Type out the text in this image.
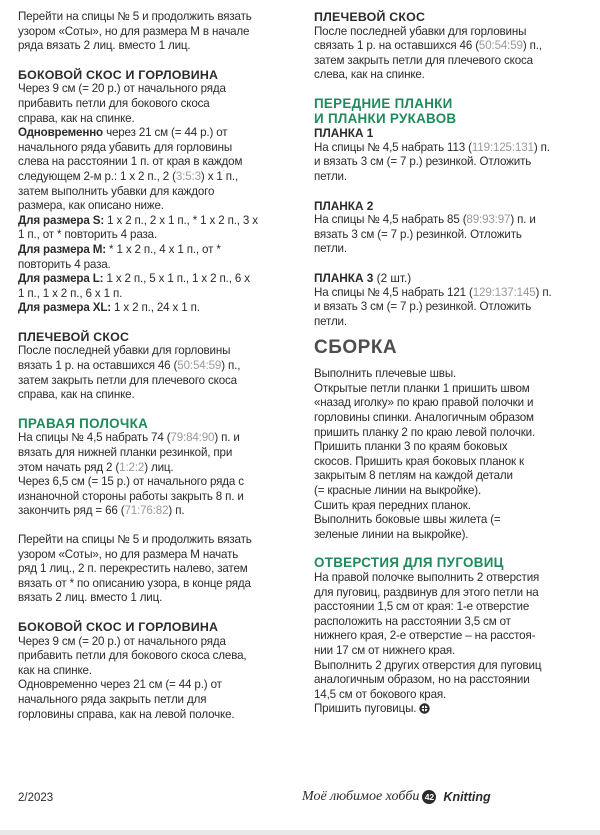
Перейти на спицы № 5 и продолжить вязать

узором «Соты», но для размера M в начале

ряда вязать 2 лиц. вместо 1 лиц.

БОКОВОЙ СКОС И ГОРЛОВИНА

Через 9 см (= 20 р.) от начального ряда

прибавить петли для бокового скоса

справа, как на спинке.

Одновременно через 21 см (= 44 р.) от

начального ряда убавить для горловины

слева на расстоянии 1 п. от края в каждом

следующем 2-м р.: 1 x 2 п., 2 (3:5:3) x 1 п.,

затем выполнить убавки для каждого

размера, как описано ниже.

Для размера S: 1 x 2 п., 2 x 1 п., * 1 x 2 п., 3 x

1 п., от * повторить 4 раза.

Для размера M: * 1 x 2 п., 4 x 1 п., от *

повторить 4 раза.

Для размера L: 1 x 2 п., 5 x 1 п., 1 x 2 п., 6 x

1 п., 1 x 2 п., 6 x 1 п.

Для размера XL: 1 x 2 п., 24 x 1 п.

ПЛЕЧЕВОЙ СКОС

После последней убавки для горловины

вязать 1 р. на оставшихся 46 (50:54:59) п.,

затем закрыть петли для плечевого скоса

справа, как на спинке.

ПРАВАЯ ПОЛОЧКА

На спицы № 4,5 набрать 74 (79:84:90) п. и

вязать для нижней планки резинкой, при

этом начать ряд 2 (1:2:2) лиц.

Через 6,5 см (= 15 р.) от начального ряда с

изнаночной стороны работы закрыть 8 п. и

закончить ряд = 66 (71:76:82) п.

Перейти на спицы № 5 и продолжить вязать

узором «Соты», но для размера M начать

ряд 1 лиц., 2 п. перекрестить налево, затем

вязать от * по описанию узора, в конце ряда

вязать 2 лиц. вместо 1 лиц.

БОКОВОЙ СКОС И ГОРЛОВИНА

Через 9 см (= 20 р.) от начального ряда

прибавить петли для бокового скоса слева,

как на спинке.

Одновременно через 21 см (= 44 р.) от

начального ряда закрыть петли для

горловины справа, как на левой полочке.

ПЛЕЧЕВОЙ СКОС

После последней убавки для горловины

связать 1 р. на оставшихся 46 (50:54:59) п.,

затем закрыть петли для плечевого скоса

слева, как на спинке.

ПЕРЕДНИЕ ПЛАНКИ

И ПЛАНКИ РУКАВОВ

ПЛАНКА 1

На спицы № 4,5 набрать 113 (119:125:131) п.

и вязать 3 см (= 7 р.) резинкой. Отложить

петли.

ПЛАНКА 2

На спицы № 4,5 набрать 85 (89:93:97) п. и

вязать 3 см (= 7 р.) резинкой. Отложить

петли.

ПЛАНКА 3 (2 шт.)

На спицы № 4,5 набрать 121 (129:137:145) п.

и вязать 3 см (= 7 р.) резинкой. Отложить

петли.

СБОРКА

Выполнить плечевые швы.

Открытые петли планки 1 пришить швом

«назад иголку» по краю правой полочки и

горловины спинки. Аналогичным образом

пришить планку 2 по краю левой полочки.

Пришить планки 3 по краям боковых

скосов. Пришить края боковых планок к

закрытым 8 петлям на каждой детали

(= красные линии на выкройке).

Сшить края передних планок.

Выполнить боковые швы жилета (=

зеленые линии на выкройке).

ОТВЕРСТИЯ ДЛЯ ПУГОВИЦ

На правой полочке выполнить 2 отверстия

для пуговиц, раздвинув для этого петли на

расстоянии 1,5 см от края: 1-е отверстие

расположить на расстоянии 3,5 см от

нижнего края, 2-е отверстие – на расстоя-

нии 17 см от нижнего края.

Выполнить 2 других отверстия для пуговиц

аналогичным образом, но на расстоянии

14,5 см от бокового края.

Пришить пуговицы.

2/2023	Моё любимое хобби 42 Knitting
